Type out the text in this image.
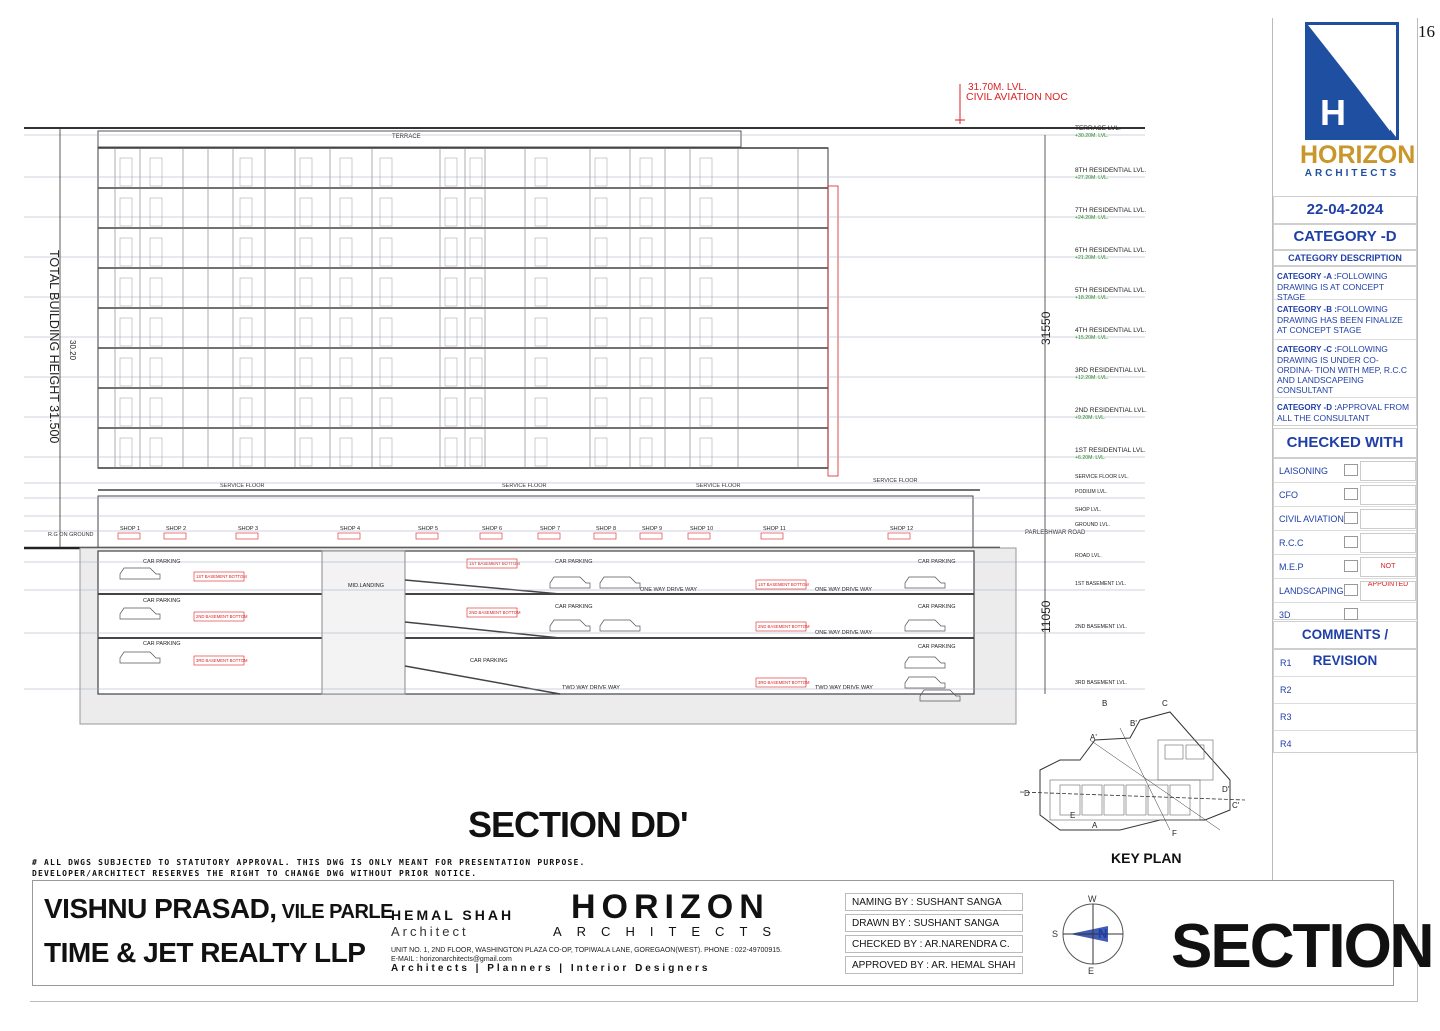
16
H
HORIZON
ARCHITECTS
22-04-2024
CATEGORY -D
CATEGORY DESCRIPTION
CATEGORY -A :FOLLOWING DRAWING IS AT CONCEPT STAGE
CATEGORY -B :FOLLOWING DRAWING HAS BEEN FINALIZE AT CONCEPT STAGE
CATEGORY -C :FOLLOWING DRAWING IS UNDER CO-ORDINA- TION WITH MEP, R.C.C AND LANDSCAPEING CONSULTANT
CATEGORY -D :APPROVAL FROM ALL THE CONSULTANT
CHECKED WITH
LAISONING
CFO
CIVIL AVIATION
R.C.C
M.E.P	NOT APPOINTED
LANDSCAPING
3D
COMMENTS / REVISION
R1
R2
R3
R4
31.70M. LVL.
CIVIL AVIATION NOC
TERRACE
SERVICE FLOOR	SERVICE FLOOR	SERVICE FLOOR
SERVICE FLOOR
SHOP 1	SHOP 2	SHOP 3	SHOP 4	SHOP 5	SHOP 6	SHOP 7	SHOP 8	SHOP 9	SHOP 10	SHOP 11	SHOP 12
R.G ON GROUND	PARLESHWAR ROAD
CAR PARKING
CAR PARKING
CAR PARKING
CAR PARKING
CAR PARKING
CAR PARKING
CAR PARKING
CAR PARKING
CAR PARKING
ONE WAY DRIVE WAY	ONE WAY DRIVE WAY
ONE WAY DRIVE WAY
TWO WAY DRIVE WAY	TWO WAY DRIVE WAY
MID.LANDING
1ST BASEMENT BOTTOM
2ND BASEMENT BOTTOM
3RD BASEMENT BOTTOM
1ST BASEMENT BOTTOM
2ND BASEMENT BOTTOM
1ST BASEMENT BOTTOM
2ND BASEMENT BOTTOM
3RD BASEMENT BOTTOM
TERRACE LVL.
+30.20M. LVL.
8TH RESIDENTIAL LVL.
+27.20M. LVL.
7TH RESIDENTIAL LVL.
+24.20M. LVL.
6TH RESIDENTIAL LVL.
+21.20M. LVL.
5TH RESIDENTIAL LVL.
+18.20M. LVL.
4TH RESIDENTIAL LVL.
+15.20M. LVL.
3RD RESIDENTIAL LVL.
+12.20M. LVL.
2ND RESIDENTIAL LVL.
+9.20M. LVL.
1ST RESIDENTIAL LVL.
+6.20M. LVL.
SERVICE FLOOR LVL.
PODIUM LVL.
SHOP LVL.
GROUND LVL.
ROAD LVL.
1ST BASEMENT LVL.
2ND BASEMENT LVL.
3RD BASEMENT LVL.
31550
11050
TOTAL BUILDING HEIGHT 31.500 30.20
A
B	C
D
E
F
A'
B'
C'
D'
SECTION DD'
# ALL DWGS SUBJECTED TO STATUTORY APPROVAL. THIS DWG IS ONLY MEANT FOR PRESENTATION PURPOSE.
DEVELOPER/ARCHITECT RESERVES THE RIGHT TO CHANGE DWG WITHOUT PRIOR NOTICE.
KEY PLAN
VISHNU PRASAD, VILE PARLE
TIME & JET REALTY LLP
HEMAL SHAH
Architect
HORIZON
ARCHITECTS
UNIT NO. 1, 2ND FLOOR, WASHINGTON PLAZA CO-OP, TOPIWALA LANE, GOREGAON(WEST). PHONE : 022-49700915.
E-MAIL : horizonarchitects@gmail.com
Architects | Planners | Interior Designers
NAMING BY : SUSHANT SANGA
DRAWN BY : SUSHANT SANGA
CHECKED BY : AR.NARENDRA C.
APPROVED BY : AR. HEMAL SHAH
N
E
S
W
SECTION
